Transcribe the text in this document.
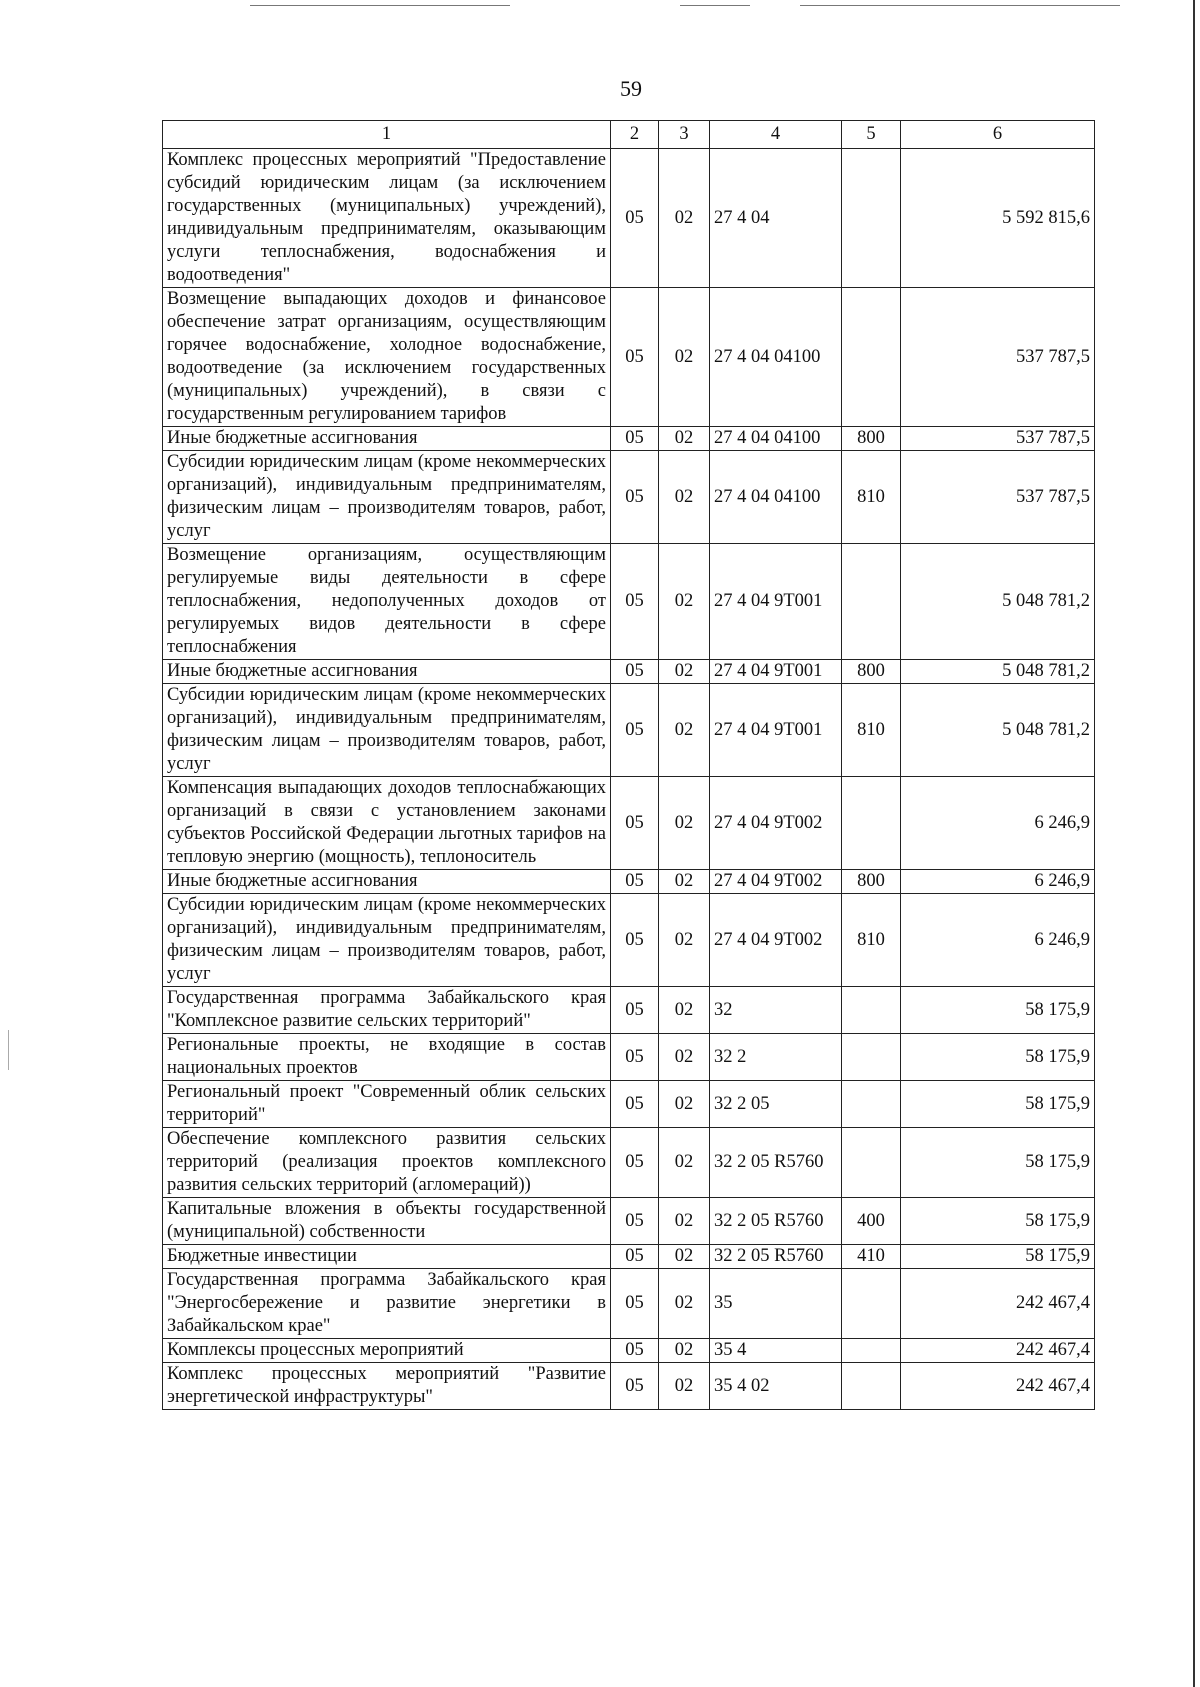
59
1	2	3	4	5	6
Комплекс процессных мероприятий "Предоставление субсидий юридическим лицам (за исключением государственных (муниципальных) учреждений), индивидуальным предпринимателям, оказывающим услуги теплоснабжения, водоснабжения и водоотведения"	05	02	27 4 04		5 592 815,6
Возмещение выпадающих доходов и финансовое обеспечение затрат организациям, осуществляющим горячее водоснабжение, холодное водоснабжение, водоотведение (за исключением государственных (муниципальных) учреждений), в связи с государственным регулированием тарифов	05	02	27 4 04 04100		537 787,5
Иные бюджетные ассигнования	05	02	27 4 04 04100	800	537 787,5
Субсидии юридическим лицам (кроме некоммерческих организаций), индивидуальным предпринимателям, физическим лицам – производителям товаров, работ, услуг	05	02	27 4 04 04100	810	537 787,5
Возмещение организациям, осуществляющим регулируемые виды деятельности в сфере теплоснабжения, недополученных доходов от регулируемых видов деятельности в сфере теплоснабжения	05	02	27 4 04 9Т001		5 048 781,2
Иные бюджетные ассигнования	05	02	27 4 04 9Т001	800	5 048 781,2
Субсидии юридическим лицам (кроме некоммерческих организаций), индивидуальным предпринимателям, физическим лицам – производителям товаров, работ, услуг	05	02	27 4 04 9Т001	810	5 048 781,2
Компенсация выпадающих доходов теплоснабжающих организаций в связи с установлением законами субъектов Российской Федерации льготных тарифов на тепловую энергию (мощность), теплоноситель	05	02	27 4 04 9Т002		6 246,9
Иные бюджетные ассигнования	05	02	27 4 04 9Т002	800	6 246,9
Субсидии юридическим лицам (кроме некоммерческих организаций), индивидуальным предпринимателям, физическим лицам – производителям товаров, работ, услуг	05	02	27 4 04 9Т002	810	6 246,9
Государственная программа Забайкальского края "Комплексное развитие сельских территорий"	05	02	32		58 175,9
Региональные проекты, не входящие в состав национальных проектов	05	02	32 2		58 175,9
Региональный проект "Современный облик сельских территорий"	05	02	32 2 05		58 175,9
Обеспечение комплексного развития сельских территорий (реализация проектов комплексного развития сельских территорий (агломераций))	05	02	32 2 05 R5760		58 175,9
Капитальные вложения в объекты государственной (муниципальной) собственности	05	02	32 2 05 R5760	400	58 175,9
Бюджетные инвестиции	05	02	32 2 05 R5760	410	58 175,9
Государственная программа Забайкальского края "Энергосбережение и развитие энергетики в Забайкальском крае"	05	02	35		242 467,4
Комплексы процессных мероприятий	05	02	35 4		242 467,4
Комплекс процессных мероприятий "Развитие энергетической инфраструктуры"	05	02	35 4 02		242 467,4
